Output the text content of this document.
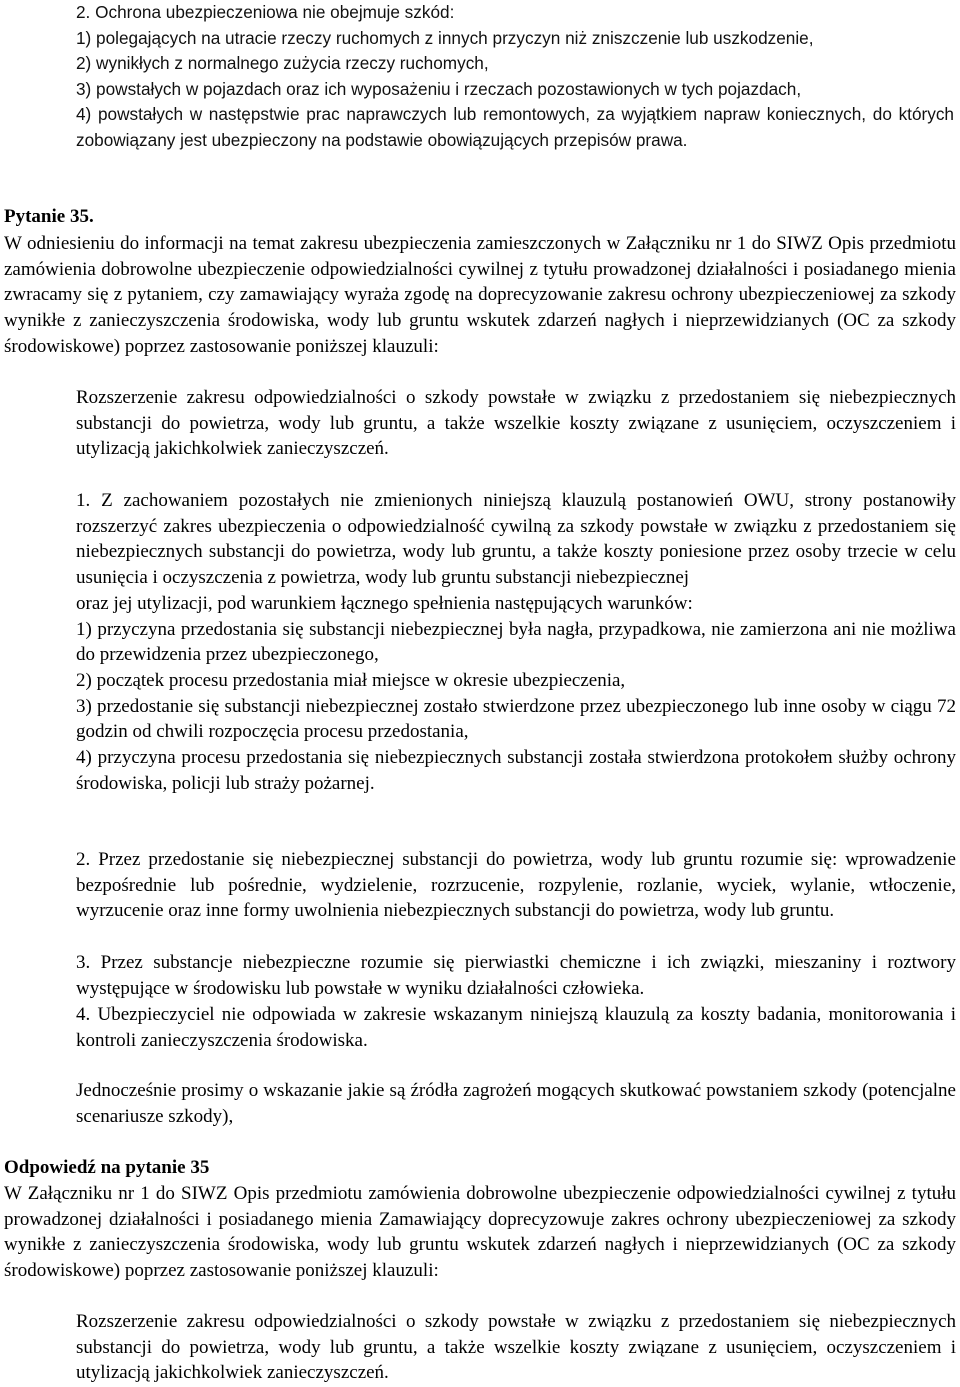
2. Ochrona ubezpieczeniowa nie obejmuje szkód:
1) polegających na utracie rzeczy ruchomych z innych przyczyn niż zniszczenie lub uszkodzenie,
2) wynikłych z normalnego zużycia rzeczy ruchomych,
3) powstałych w pojazdach oraz ich wyposażeniu i rzeczach pozostawionych w tych pojazdach,
4) powstałych w następstwie prac naprawczych lub remontowych, za wyjątkiem napraw koniecznych, do których zobowiązany jest ubezpieczony na podstawie obowiązujących przepisów prawa.
Pytanie 35.
W odniesieniu do informacji na temat zakresu ubezpieczenia zamieszczonych w Załączniku nr 1 do SIWZ Opis przedmiotu zamówienia dobrowolne ubezpieczenie odpowiedzialności cywilnej z tytułu prowadzonej działalności i posiadanego mienia zwracamy się z pytaniem, czy zamawiający wyraża zgodę na doprecyzowanie zakresu ochrony ubezpieczeniowej za szkody wynikłe z zanieczyszczenia środowiska, wody lub gruntu wskutek zdarzeń nagłych i nieprzewidzianych (OC za szkody środowiskowe) poprzez zastosowanie poniższej klauzuli:
Rozszerzenie zakresu odpowiedzialności o szkody powstałe w związku z przedostaniem się niebezpiecznych substancji do powietrza, wody lub gruntu, a także wszelkie koszty związane z usunięciem, oczyszczeniem i utylizacją jakichkolwiek zanieczyszczeń.
1. Z zachowaniem pozostałych nie zmienionych niniejszą klauzulą postanowień OWU, strony postanowiły rozszerzyć zakres ubezpieczenia o odpowiedzialność cywilną za szkody powstałe w związku z przedostaniem się niebezpiecznych substancji do powietrza, wody lub gruntu, a także koszty poniesione przez osoby trzecie w celu usunięcia i oczyszczenia z powietrza, wody lub gruntu substancji niebezpiecznej
oraz jej utylizacji, pod warunkiem łącznego spełnienia następujących warunków:
1) przyczyna przedostania się substancji niebezpiecznej była nagła, przypadkowa, nie zamierzona ani nie możliwa do przewidzenia przez ubezpieczonego,
2) początek procesu przedostania miał miejsce w okresie ubezpieczenia,
3) przedostanie się substancji niebezpiecznej zostało stwierdzone przez ubezpieczonego lub inne osoby w ciągu 72 godzin od chwili rozpoczęcia procesu przedostania,
4) przyczyna procesu przedostania się niebezpiecznych substancji została stwierdzona protokołem służby ochrony środowiska, policji lub straży pożarnej.
2. Przez przedostanie się niebezpiecznej substancji do powietrza, wody lub gruntu rozumie się: wprowadzenie bezpośrednie lub pośrednie, wydzielenie, rozrzucenie, rozpylenie, rozlanie, wyciek, wylanie, wtłoczenie, wyrzucenie oraz inne formy uwolnienia niebezpiecznych substancji do powietrza, wody lub gruntu.
3. Przez substancje niebezpieczne rozumie się pierwiastki chemiczne i ich związki, mieszaniny i roztwory występujące w środowisku lub powstałe w wyniku działalności człowieka.
4. Ubezpieczyciel nie odpowiada w zakresie wskazanym niniejszą klauzulą za koszty badania, monitorowania i kontroli zanieczyszczenia środowiska.
Jednocześnie prosimy o wskazanie jakie są źródła zagrożeń mogących skutkować powstaniem szkody (potencjalne scenariusze szkody),
Odpowiedź na pytanie 35
W Załączniku nr 1 do SIWZ Opis przedmiotu zamówienia dobrowolne ubezpieczenie odpowiedzialności cywilnej z tytułu prowadzonej działalności i posiadanego mienia Zamawiający doprecyzowuje zakres ochrony ubezpieczeniowej za szkody wynikłe z zanieczyszczenia środowiska, wody lub gruntu wskutek zdarzeń nagłych i nieprzewidzianych (OC za szkody środowiskowe) poprzez zastosowanie poniższej klauzuli:
Rozszerzenie zakresu odpowiedzialności o szkody powstałe w związku z przedostaniem się niebezpiecznych substancji do powietrza, wody lub gruntu, a także wszelkie koszty związane z usunięciem, oczyszczeniem i utylizacją jakichkolwiek zanieczyszczeń.
